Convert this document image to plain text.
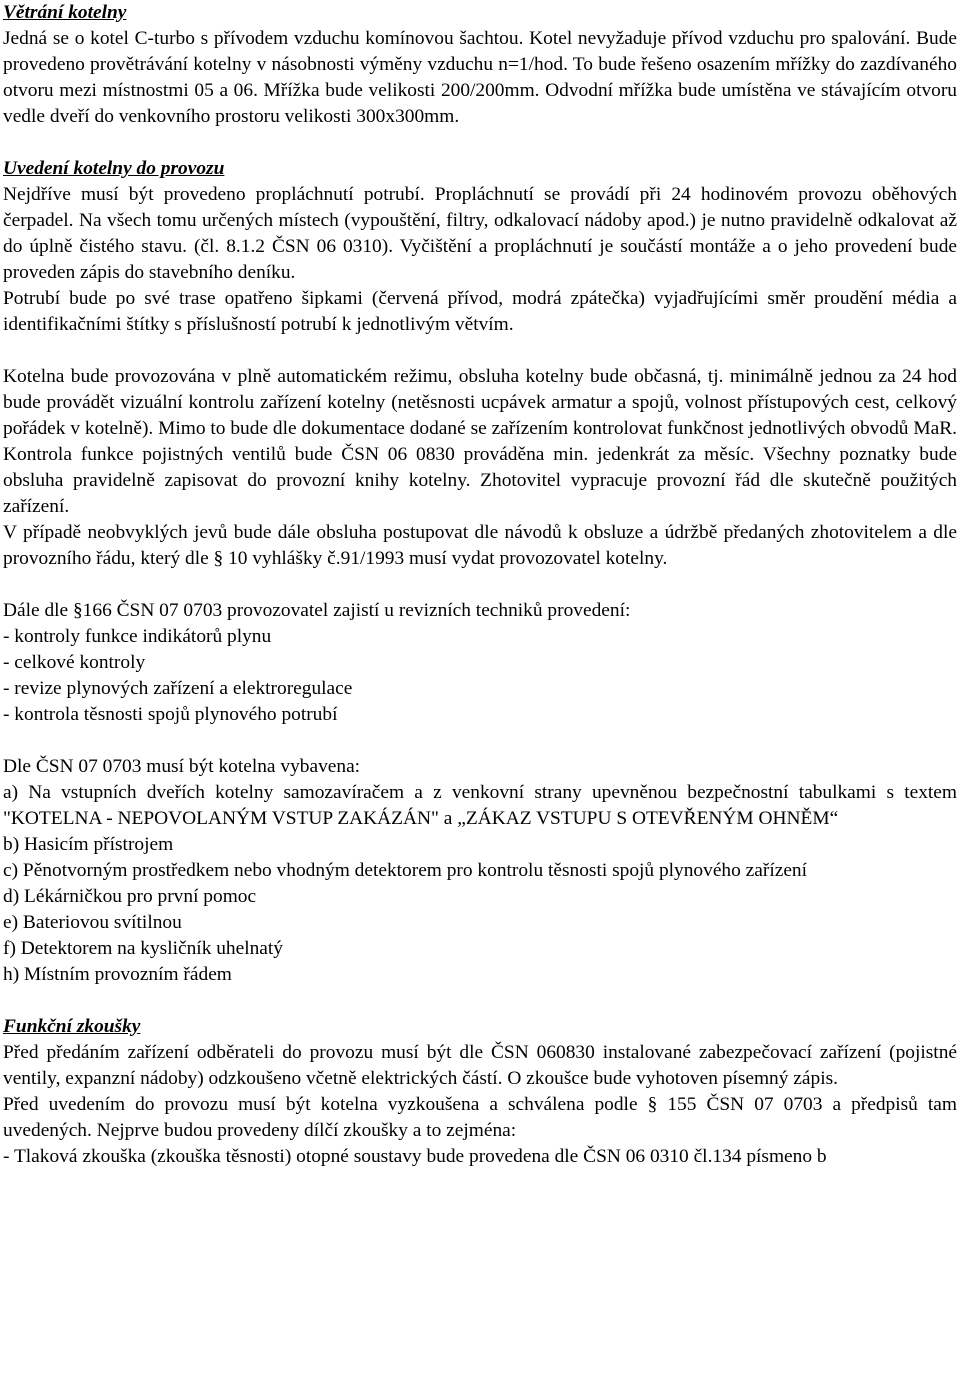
Větrání kotelny

Jedná se o kotel C-turbo s přívodem vzduchu komínovou šachtou. Kotel nevyžaduje přívod vzduchu pro spalování. Bude provedeno provětrávání kotelny v násobnosti výměny vzduchu n=1/hod. To bude řešeno osazením mřížky do zazdívaného otvoru mezi místnostmi 05 a 06. Mřížka bude velikosti 200/200mm. Odvodní mřížka bude umístěna ve stávajícím otvoru vedle dveří do venkovního prostoru velikosti 300x300mm.

Uvedení kotelny do provozu

Nejdříve musí být provedeno propláchnutí potrubí. Propláchnutí se provádí při 24 hodinovém provozu oběhových čerpadel. Na všech tomu určených místech (vypouštění, filtry, odkalovací nádoby apod.) je nutno pravidelně odkalovat až do úplně čistého stavu. (čl. 8.1.2 ČSN 06 0310). Vyčištění a propláchnutí je součástí montáže a o jeho provedení bude proveden zápis do stavebního deníku.

Potrubí bude po své trase opatřeno šipkami (červená přívod, modrá zpátečka) vyjadřujícími směr proudění média a identifikačními štítky s příslušností potrubí k jednotlivým větvím.

Kotelna bude provozována v plně automatickém režimu, obsluha kotelny bude občasná, tj. minimálně jednou za 24 hod bude provádět vizuální kontrolu zařízení kotelny (netěsnosti ucpávek armatur a spojů, volnost přístupových cest, celkový pořádek v kotelně). Mimo to bude dle dokumentace dodané se zařízením kontrolovat funkčnost jednotlivých obvodů MaR. Kontrola funkce pojistných ventilů bude ČSN 06 0830 prováděna min. jedenkrát za měsíc. Všechny poznatky bude obsluha pravidelně zapisovat do provozní knihy kotelny. Zhotovitel vypracuje provozní řád dle skutečně použitých zařízení.

V případě neobvyklých jevů bude dále obsluha postupovat dle návodů k obsluze a údržbě předaných zhotovitelem a dle provozního řádu, který dle § 10 vyhlášky č.91/1993 musí vydat provozovatel kotelny.

Dále dle §166 ČSN 07 0703 provozovatel zajistí u revizních techniků provedení:

- kontroly funkce indikátorů plynu

- celkové kontroly

- revize plynových zařízení a elektroregulace

- kontrola těsnosti spojů plynového potrubí

Dle ČSN 07 0703 musí být kotelna vybavena:

a) Na vstupních dveřích kotelny samozavíračem a z venkovní strany upevněnou bezpečnostní tabulkami s textem "KOTELNA - NEPOVOLANÝM VSTUP ZAKÁZÁN" a „ZÁKAZ VSTUPU S OTEVŘENÝM OHNĚM“

b) Hasicím přístrojem

c) Pěnotvorným prostředkem nebo vhodným detektorem pro kontrolu těsnosti spojů plynového zařízení

d) Lékárničkou pro první pomoc

e) Bateriovou svítilnou

f) Detektorem na kysličník uhelnatý

h) Místním provozním řádem

Funkční zkoušky

Před předáním zařízení odběrateli do provozu musí být dle ČSN 060830 instalované zabezpečovací zařízení (pojistné ventily, expanzní nádoby) odzkoušeno včetně elektrických částí. O zkoušce bude vyhotoven písemný zápis.

Před uvedením do provozu musí být kotelna vyzkoušena a schválena podle § 155 ČSN 07 0703 a předpisů tam uvedených. Nejprve budou provedeny dílčí zkoušky a to zejména:

- Tlaková zkouška (zkouška těsnosti) otopné soustavy bude provedena dle ČSN 06 0310 čl.134 písmeno b
